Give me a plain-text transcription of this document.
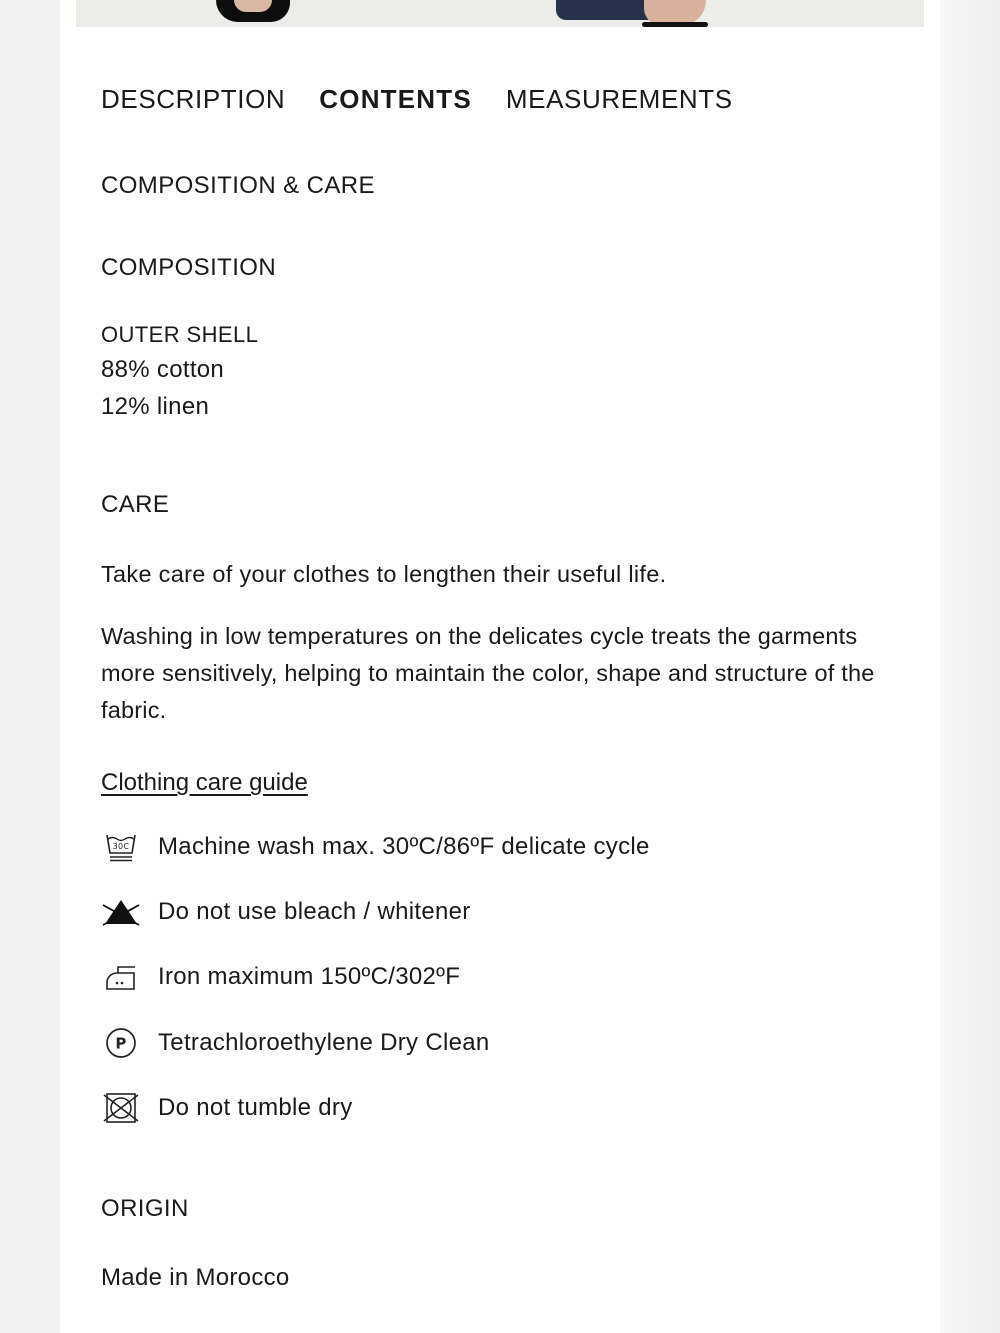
DESCRIPTION CONTENTS MEASUREMENTS
COMPOSITION & CARE
COMPOSITION
OUTER SHELL
88% cotton
12% linen
CARE
Take care of your clothes to lengthen their useful life.
Washing in low temperatures on the delicates cycle treats the garments more sensitively, helping to maintain the color, shape and structure of the fabric.
Clothing care guide
30C Machine wash max. 30ºC/86ºF delicate cycle
Do not use bleach / whitener
Iron maximum 150ºC/302ºF
P Tetrachloroethylene Dry Clean
Do not tumble dry
ORIGIN
Made in Morocco
